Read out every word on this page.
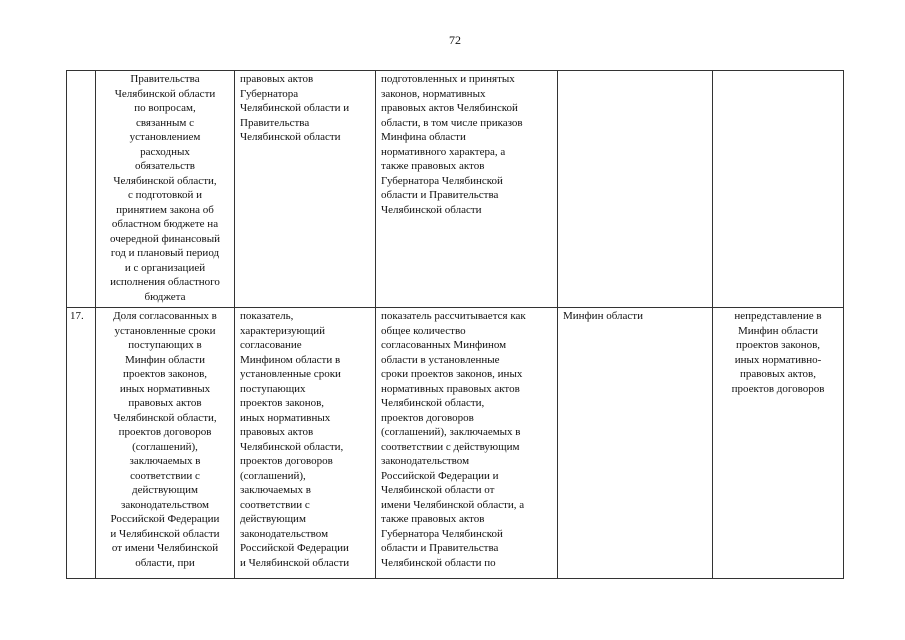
72
Правительства
Челябинской области
по вопросам,
связанным с
установлением
расходных
обязательств
Челябинской области,
с подготовкой и
принятием закона об
областном бюджете на
очередной финансовый
год и плановый период
и с организацией
исполнения областного
бюджета
правовых актов
Губернатора
Челябинской области и
Правительства
Челябинской области
подготовленных и принятых
законов, нормативных
правовых актов Челябинской
области, в том числе приказов
Минфина области
нормативного характера, а
также правовых актов
Губернатора Челябинской
области и Правительства
Челябинской области
17.	Доля согласованных в
установленные сроки
поступающих в
Минфин области
проектов законов,
иных нормативных
правовых актов
Челябинской области,
проектов договоров
(соглашений),
заключаемых в
соответствии с
действующим
законодательством
Российской Федерации
и Челябинской области
от имени Челябинской
области, при
показатель,
характеризующий
согласование
Минфином области в
установленные сроки
поступающих
проектов законов,
иных нормативных
правовых актов
Челябинской области,
проектов договоров
(соглашений),
заключаемых в
соответствии с
действующим
законодательством
Российской Федерации
и Челябинской области
показатель рассчитывается как
общее количество
согласованных Минфином
области в установленные
сроки проектов законов, иных
нормативных правовых актов
Челябинской области,
проектов договоров
(соглашений), заключаемых в
соответствии с действующим
законодательством
Российской Федерации и
Челябинской области от
имени Челябинской области, а
также правовых актов
Губернатора Челябинской
области и Правительства
Челябинской области по
Минфин области	непредставление в
Минфин области
проектов законов,
иных нормативно-
правовых актов,
проектов договоров
